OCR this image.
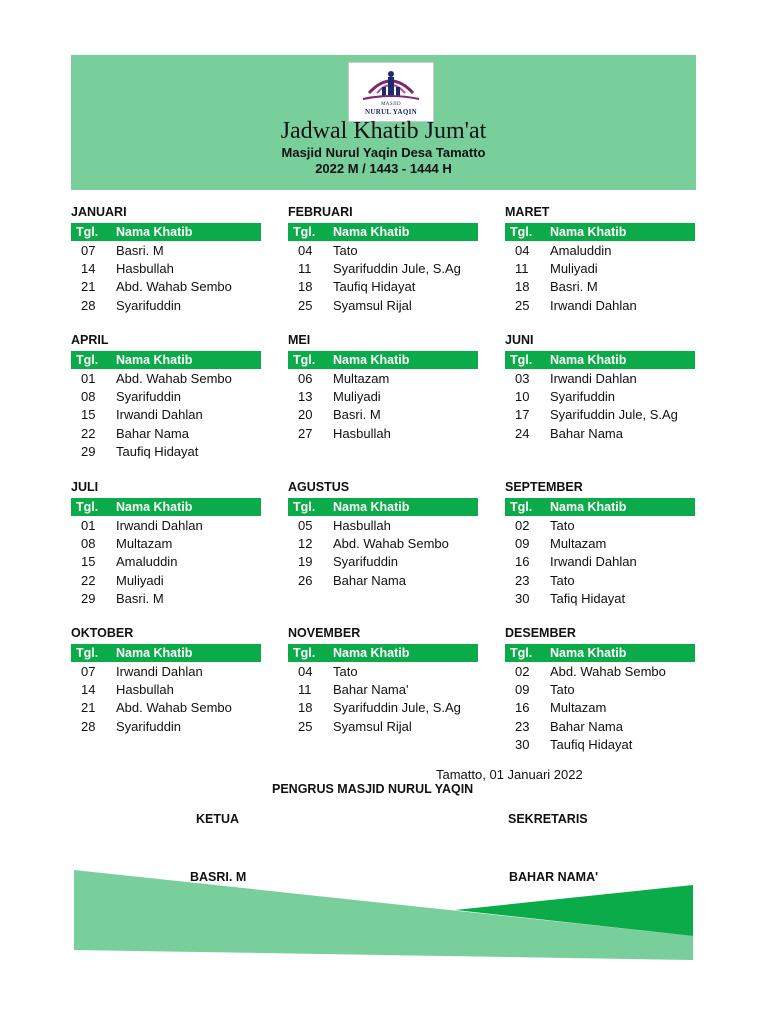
MASJID
NURUL YAQIN
Jadwal Khatib Jum'at
Masjid Nurul Yaqin Desa Tamatto
2022 M / 1443 - 1444 H
JANUARI
Tgl. Nama Khatib
07 Basri. M
14 Hasbullah
21 Abd. Wahab Sembo
28 Syarifuddin
FEBRUARI
Tgl. Nama Khatib
04 Tato
11 Syarifuddin Jule, S.Ag
18 Taufiq Hidayat
25 Syamsul Rijal
MARET
Tgl. Nama Khatib
04 Amaluddin
11 Muliyadi
18 Basri. M
25 Irwandi Dahlan
APRIL
Tgl. Nama Khatib
01 Abd. Wahab Sembo
08 Syarifuddin
15 Irwandi Dahlan
22 Bahar Nama
29 Taufiq Hidayat
MEI
Tgl. Nama Khatib
06 Multazam
13 Muliyadi
20 Basri. M
27 Hasbullah
JUNI
Tgl. Nama Khatib
03 Irwandi Dahlan
10 Syarifuddin
17 Syarifuddin Jule, S.Ag
24 Bahar Nama
JULI
Tgl. Nama Khatib
01 Irwandi Dahlan
08 Multazam
15 Amaluddin
22 Muliyadi
29 Basri. M
AGUSTUS
Tgl. Nama Khatib
05 Hasbullah
12 Abd. Wahab Sembo
19 Syarifuddin
26 Bahar Nama
SEPTEMBER
Tgl. Nama Khatib
02 Tato
09 Multazam
16 Irwandi Dahlan
23 Tato
30 Tafiq Hidayat
OKTOBER
Tgl. Nama Khatib
07 Irwandi Dahlan
14 Hasbullah
21 Abd. Wahab Sembo
28 Syarifuddin
NOVEMBER
Tgl. Nama Khatib
04 Tato
11 Bahar Nama'
18 Syarifuddin Jule, S.Ag
25 Syamsul Rijal
DESEMBER
Tgl. Nama Khatib
02 Abd. Wahab Sembo
09 Tato
16 Multazam
23 Bahar Nama
30 Taufiq Hidayat
Tamatto, 01 Januari 2022
PENGRUS MASJID NURUL YAQIN
KETUA	SEKRETARIS
BASRI. M	BAHAR NAMA'
